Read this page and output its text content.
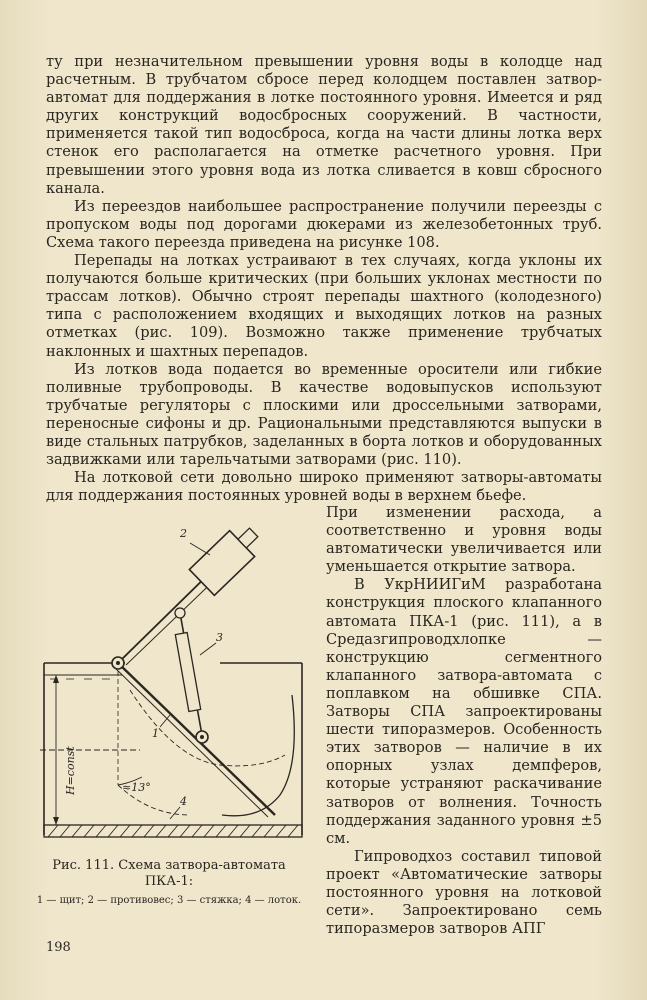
ту при незначительном превышении уровня воды в колодце над расчетным. В трубчатом сбросе перед колодцем поставлен затвор-автомат для поддержания в лотке постоянного уровня. Имеется и ряд других конструкций водосбросных сооружений. В частности, применяется такой тип водосброса, когда на части длины лотка верх стенок его располагается на отметке расчетного уровня. При превышении этого уровня вода из лотка сливается в ковш сбросного канала.

Из переездов наибольшее распространение получили переезды с пропуском воды под дорогами дюкерами из железобетонных труб. Схема такого переезда приведена на рисунке 108.

Перепады на лотках устраивают в тех случаях, когда уклоны их получаются больше критических (при больших уклонах местности по трассам лотков). Обычно строят перепады шахтного (колодезного) типа с расположением входящих и выходящих лотков на разных отметках (рис. 109). Возможно также применение трубчатых наклонных и шахтных перепадов.

Из лотков вода подается во временные оросители или гибкие поливные трубопроводы. В качестве водовыпусков используют трубчатые регуляторы с плоскими или дроссельными затворами, переносные сифоны и др. Рациональными представляются выпуски в виде стальных патрубков, заделанных в борта лотков и оборудованных задвижками или тарельчатыми затворами (рис. 110).

На лотковой сети довольно широко применяют затворы-автоматы для поддержания постоянных уровней воды в верхнем бьефе.

При изменении расхода, а соответственно и уровня воды автоматически увеличивается или уменьшается открытие затвора.

В УкрНИИГиМ разработана конструкция плоского клапанного автомата ПКА-1 (рис. 111), а в Средазгипроводхлопке — конструкцию сегментного клапанного затвора-автомата с поплавком на обшивке СПА. Затворы СПА запроектированы шести типоразмеров. Особенность этих затворов — наличие в их опорных узлах демпферов, которые устраняют раскачивание затворов от волнения. Точность поддержания заданного уровня ±5 см.

Гипроводхоз составил типовой проект «Автоматические затворы постоянного уровня на лотковой сети». Запроектировано семь типоразмеров затворов АПГ

H=const	≈13°
2
3
1
4
Рис. 111. Схема затвора-автомата ПКА-1:
1 — щит; 2 — противовес; 3 — стяжка; 4 — лоток.
198
